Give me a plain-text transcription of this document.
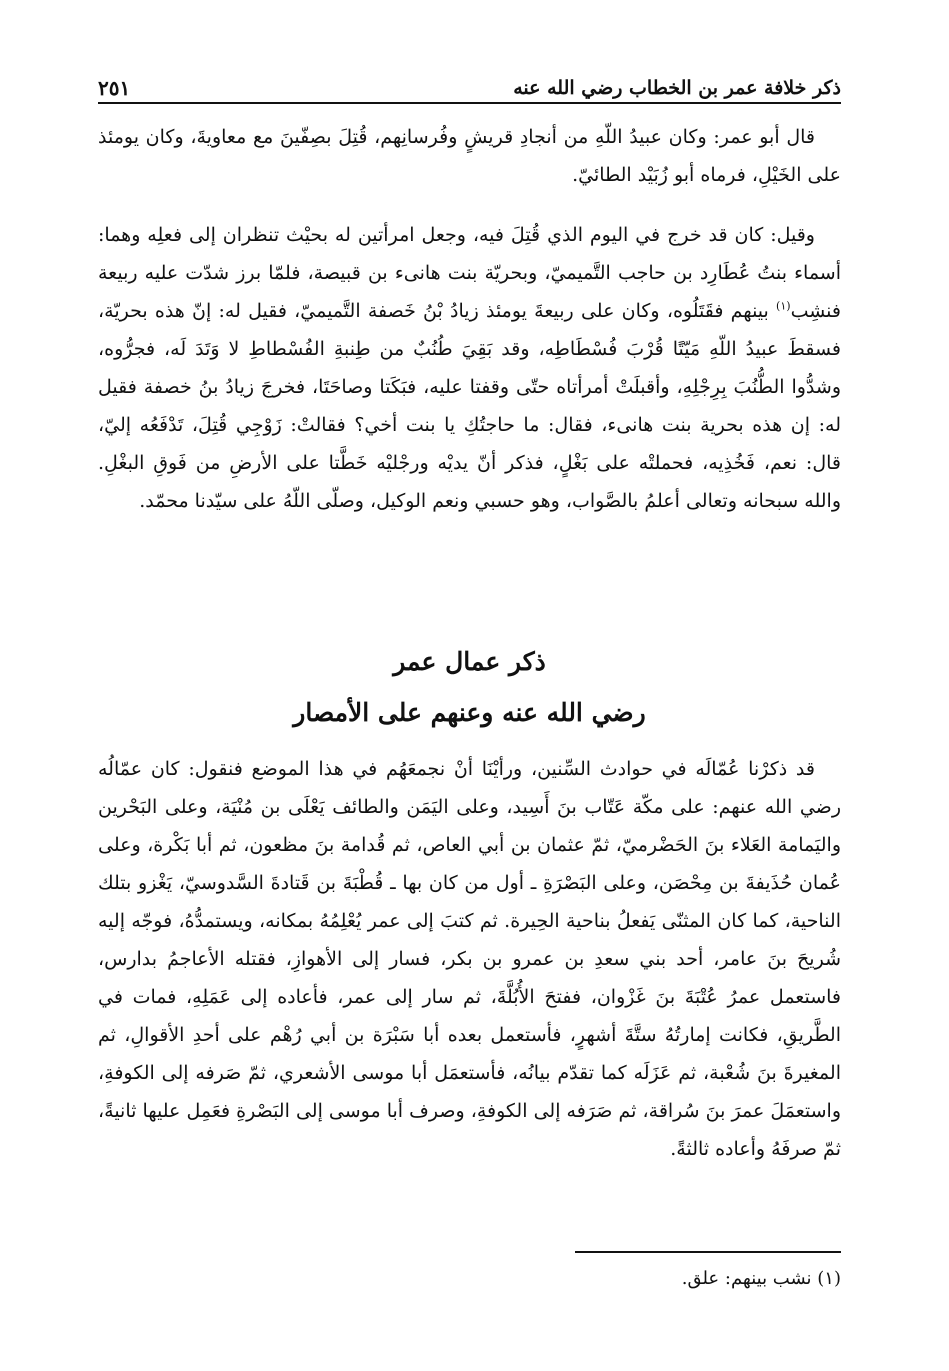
ذكر خلافة عمر بن الخطاب رضي الله عنه
٢٥١

قال أبو عمر: وكان عبيدُ اللّهِ من أنجادِ قريشٍ وفُرسانِهم، قُتِلَ بصِفّينَ مع معاويةَ، وكان يومئذ على الخَيْلِ، فرماه أبو زُبَيْد الطائيّ.

وقيل: كان قد خرج في اليوم الذي قُتِلَ فيه، وجعل امرأتين له بحيْث تنظران إلى فعلِه وهما: أسماء بنتُ عُطَارِد بن حاجب التَّميميّ، وبحريّة بنت هانىء بن قبيصة، فلمّا برز شدّت عليه ربيعة فنشِب$^{(١)}$ بينهم فقَتَلُوه، وكان على ربيعةَ يومئذ زيادُ بْنُ خَصفة التَّميميّ، فقيل له: إنّ هذه بحريّة، فسقطَ عبيدُ اللّهِ مَيّتًا قُرْبَ فُسْطَاطِه، وقد بَقِيَ طُنُبٌ من طِنبةِ الفُسْطاطِ لا وَتَدَ لَه، فجرُّوه، وشدُّوا الطُّنُبَ بِرِجْلِهِ، وأقبلَتْ أمرأتاه حتّى وقفتا عليه، فبَكَتا وصاحَتَا، فخرجَ زيادُ بنُ خصفة فقيل له: إن هذه بحرية بنت هانىء، فقال: ما حاجتُكِ يا بنت أخي؟ فقالتْ: زَوْجِي قُتِلَ، تَدْفَعُه إليّ، قال: نعم، فَخُذِيه، فحملتْه على بَغْلٍ، فذكر أنّ يديْه ورجْليْه خَطَّتا على الأرضِ من فَوقِ البغْلِ. والله سبحانه وتعالى أعلمُ بالصَّواب، وهو حسبي ونعم الوكيل، وصلّى اللّهُ على سيّدنا محمّد.

ذكر عمال عمر
رضي الله عنه وعنهم على الأمصار

قد ذكرْنا عُمّالَه في حوادث السِّنين، ورأيْنَا أنْ نجمعَهُم في هذا الموضع فنقول: كان عمّالُه رضي الله عنهم: على مكّة عَتّاب بنَ أَسِيد، وعلى اليَمَن والطائف يَعْلَى بن مُنْيَة، وعلى البَحْرين واليَمامة العَلاء بنَ الحَضْرميّ، ثمّ عثمان بن أبي العاص، ثم قُدامة بنَ مظعون، ثم أبا بَكْرة، وعلى عُمان حُذَيفةَ بن مِحْصَن، وعلى البَصْرَةِ ـ أول من كان بها ـ قُطْبَةَ بن قَتادةَ السَّدوسيّ، يَغْزو بتلك الناحية، كما كان المثنّى يَفعلُ بناحية الحِيرة. ثم كتبَ إلى عمر يُعْلِمُهُ بمكانه، ويستمدُّهُ، فوجّه إليه شُريحَ بنَ عامر، أحد بني سعدِ بن عمرو بن بكر، فسار إلى الأهوازِ، فقتله الأعاجمُ بدارس، فاستعمل عمرُ عُتْبَةَ بنَ غَزْوان، ففتحَ الأُبُلَّةَ، ثم سار إلى عمر، فأعاده إلى عَمَلِهِ، فمات في الطَّريقِ، فكانت إمارتُهُ ستَّةَ أشهرٍ، فأستعمل بعده أبا سَبْرَة بن أبي رُهْم على أحدِ الأقوالِ، ثم المغيرةَ بنَ شُعْبة، ثم عَزَلَه كما تقدّم بيانُه، فأستعمَل أبا موسى الأشعري، ثمّ صَرفه إلى الكوفةِ، واستعمَلَ عمرَ بنَ سُراقة، ثم صَرَفه إلى الكوفةِ، وصرف أبا موسى إلى البَصْرةِ فعَمِل عليها ثانيةً، ثمّ صرفَهُ وأعاده ثالثةً.

(١) نشب بينهم: علق.
